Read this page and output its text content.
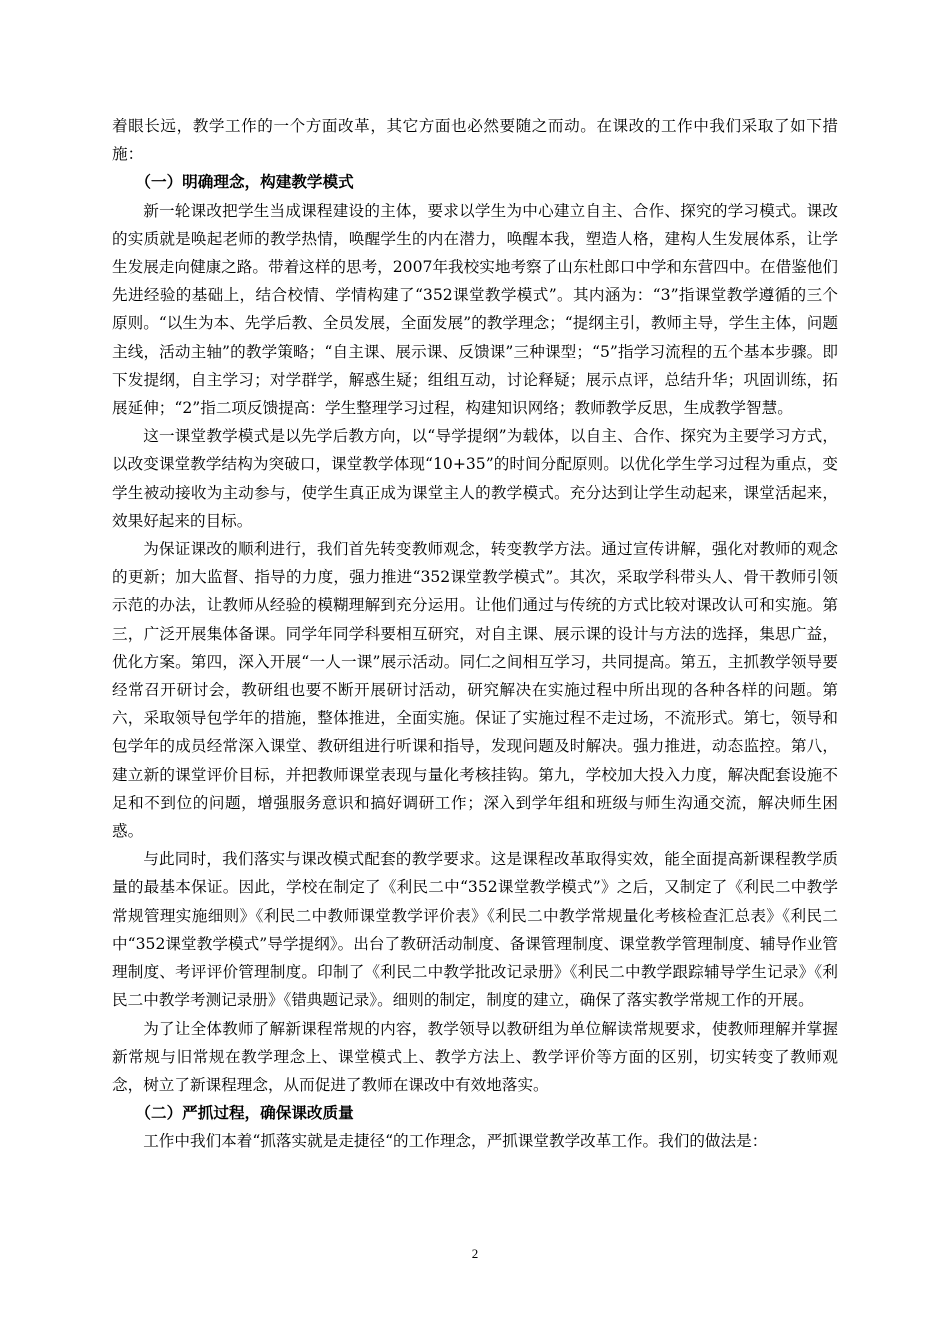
着眼长远，教学工作的一个方面改革，其它方面也必然要随之而动。在课改的工作中我们采取了如下措施：

（一）明确理念，构建教学模式

新一轮课改把学生当成课程建设的主体，要求以学生为中心建立自主、合作、探究的学习模式。课改的实质就是唤起老师的教学热情，唤醒学生的内在潜力，唤醒本我，塑造人格，建构人生发展体系，让学生发展走向健康之路。带着这样的思考，2007年我校实地考察了山东杜郎口中学和东营四中。在借鉴他们先进经验的基础上，结合校情、学情构建了“352课堂教学模式”。其内涵为：“3”指课堂教学遵循的三个原则。“以生为本、先学后教、全员发展，全面发展”的教学理念；“提纲主引，教师主导，学生主体，问题主线，活动主轴”的教学策略；“自主课、展示课、反馈课”三种课型；“5”指学习流程的五个基本步骤。即下发提纲，自主学习；对学群学，解惑生疑；组组互动，讨论释疑；展示点评，总结升华；巩固训练，拓展延伸；“2”指二项反馈提高：学生整理学习过程，构建知识网络；教师教学反思，生成教学智慧。

这一课堂教学模式是以先学后教方向，以“导学提纲”为载体，以自主、合作、探究为主要学习方式，以改变课堂教学结构为突破口，课堂教学体现“10+35”的时间分配原则。以优化学生学习过程为重点，变学生被动接收为主动参与，使学生真正成为课堂主人的教学模式。充分达到让学生动起来，课堂活起来，效果好起来的目标。

为保证课改的顺利进行，我们首先转变教师观念，转变教学方法。通过宣传讲解，强化对教师的观念的更新；加大监督、指导的力度，强力推进“352课堂教学模式”。其次，采取学科带头人、骨干教师引领示范的办法，让教师从经验的模糊理解到充分运用。让他们通过与传统的方式比较对课改认可和实施。第三，广泛开展集体备课。同学年同学科要相互研究，对自主课、展示课的设计与方法的选择，集思广益，优化方案。第四，深入开展“一人一课”展示活动。同仁之间相互学习，共同提高。第五，主抓教学领导要经常召开研讨会，教研组也要不断开展研讨活动，研究解决在实施过程中所出现的各种各样的问题。第六，采取领导包学年的措施，整体推进，全面实施。保证了实施过程不走过场，不流形式。第七，领导和包学年的成员经常深入课堂、教研组进行听课和指导，发现问题及时解决。强力推进，动态监控。第八，建立新的课堂评价目标，并把教师课堂表现与量化考核挂钩。第九，学校加大投入力度，解决配套设施不足和不到位的问题，增强服务意识和搞好调研工作；深入到学年组和班级与师生沟通交流，解决师生困惑。

与此同时，我们落实与课改模式配套的教学要求。这是课程改革取得实效，能全面提高新课程教学质量的最基本保证。因此，学校在制定了《利民二中“352课堂教学模式”》之后，又制定了《利民二中教学常规管理实施细则》《利民二中教师课堂教学评价表》《利民二中教学常规量化考核检查汇总表》《利民二中“352课堂教学模式”导学提纲》。出台了教研活动制度、备课管理制度、课堂教学管理制度、辅导作业管理制度、考评评价管理制度。印制了《利民二中教学批改记录册》《利民二中教学跟踪辅导学生记录》《利民二中教学考测记录册》《错典题记录》。细则的制定，制度的建立，确保了落实教学常规工作的开展。

为了让全体教师了解新课程常规的内容，教学领导以教研组为单位解读常规要求，使教师理解并掌握新常规与旧常规在教学理念上、课堂模式上、教学方法上、教学评价等方面的区别，切实转变了教师观念，树立了新课程理念，从而促进了教师在课改中有效地落实。

（二）严抓过程，确保课改质量

工作中我们本着“抓落实就是走捷径“的工作理念，严抓课堂教学改革工作。我们的做法是：

2
